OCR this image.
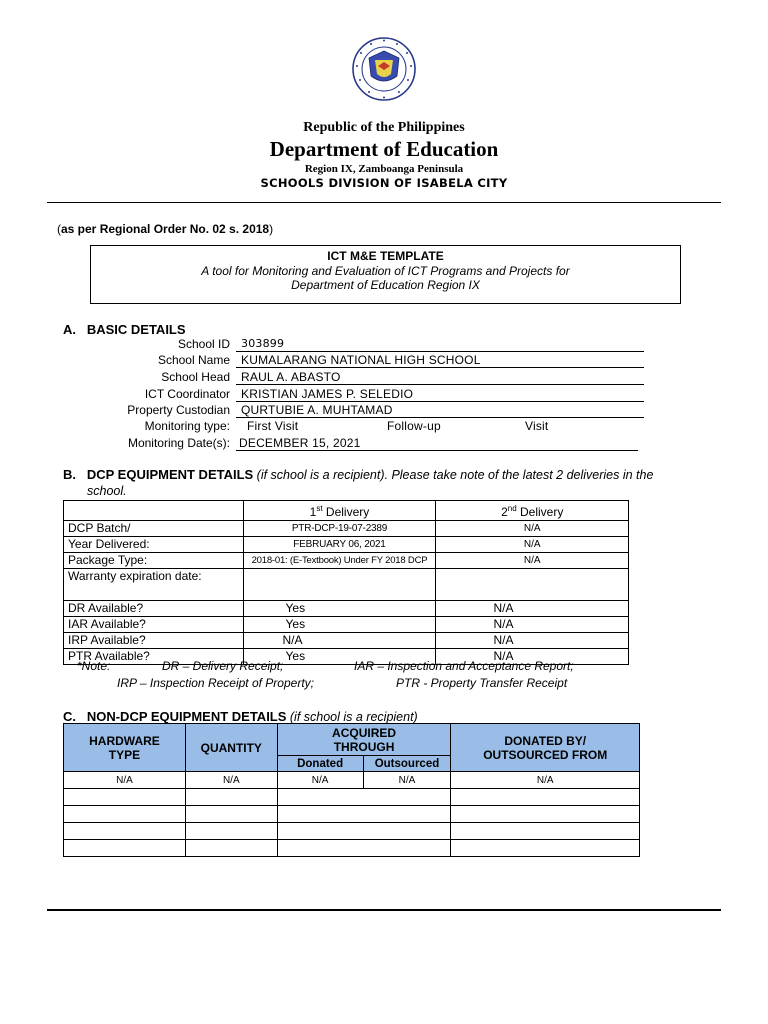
Republic of the Philippines
Department of Education
Region IX, Zamboanga Peninsula
SCHOOLS DIVISION OF ISABELA CITY
(as per Regional Order No. 02 s. 2018)
ICT M&E TEMPLATE
A tool for Monitoring and Evaluation of ICT Programs and Projects for
Department of Education Region IX
A.   BASIC DETAILS
School ID 303899
School Name KUMALARANG NATIONAL HIGH SCHOOL
School Head RAUL A. ABASTO
ICT Coordinator KRISTIAN JAMES P. SELEDIO
Property Custodian QURTUBIE A. MUHTAMAD
Monitoring type: First Visit	Follow-up	Visit
Monitoring Date(s): DECEMBER 15, 2021
B.   DCP EQUIPMENT DETAILS (if school is a recipient). Please take note of the latest 2 deliveries in the
school.
	1st Delivery	2nd Delivery
DCP Batch/	PTR-DCP-19-07-2389	N/A
Year Delivered:	FEBRUARY 06, 2021	N/A
Package Type:	2018-01: (E-Textbook) Under FY 2018 DCP	N/A
Warranty expiration date:		
DR Available?	Yes	N/A
IAR Available?	Yes	N/A
IRP Available?	N/A	N/A
PTR Available?	Yes	N/A
*Note:	DR – Delivery Receipt;	IAR – Inspection and Acceptance Report;
IRP – Inspection Receipt of Property;	PTR - Property Transfer Receipt
C.   NON-DCP EQUIPMENT DETAILS (if school is a recipient)
HARDWARE TYPE	QUANTITY	ACQUIRED THROUGH		DONATED BY/ OUTSOURCED FROM
		Donated	Outsourced	
N/A	N/A	N/A	N/A	N/A
